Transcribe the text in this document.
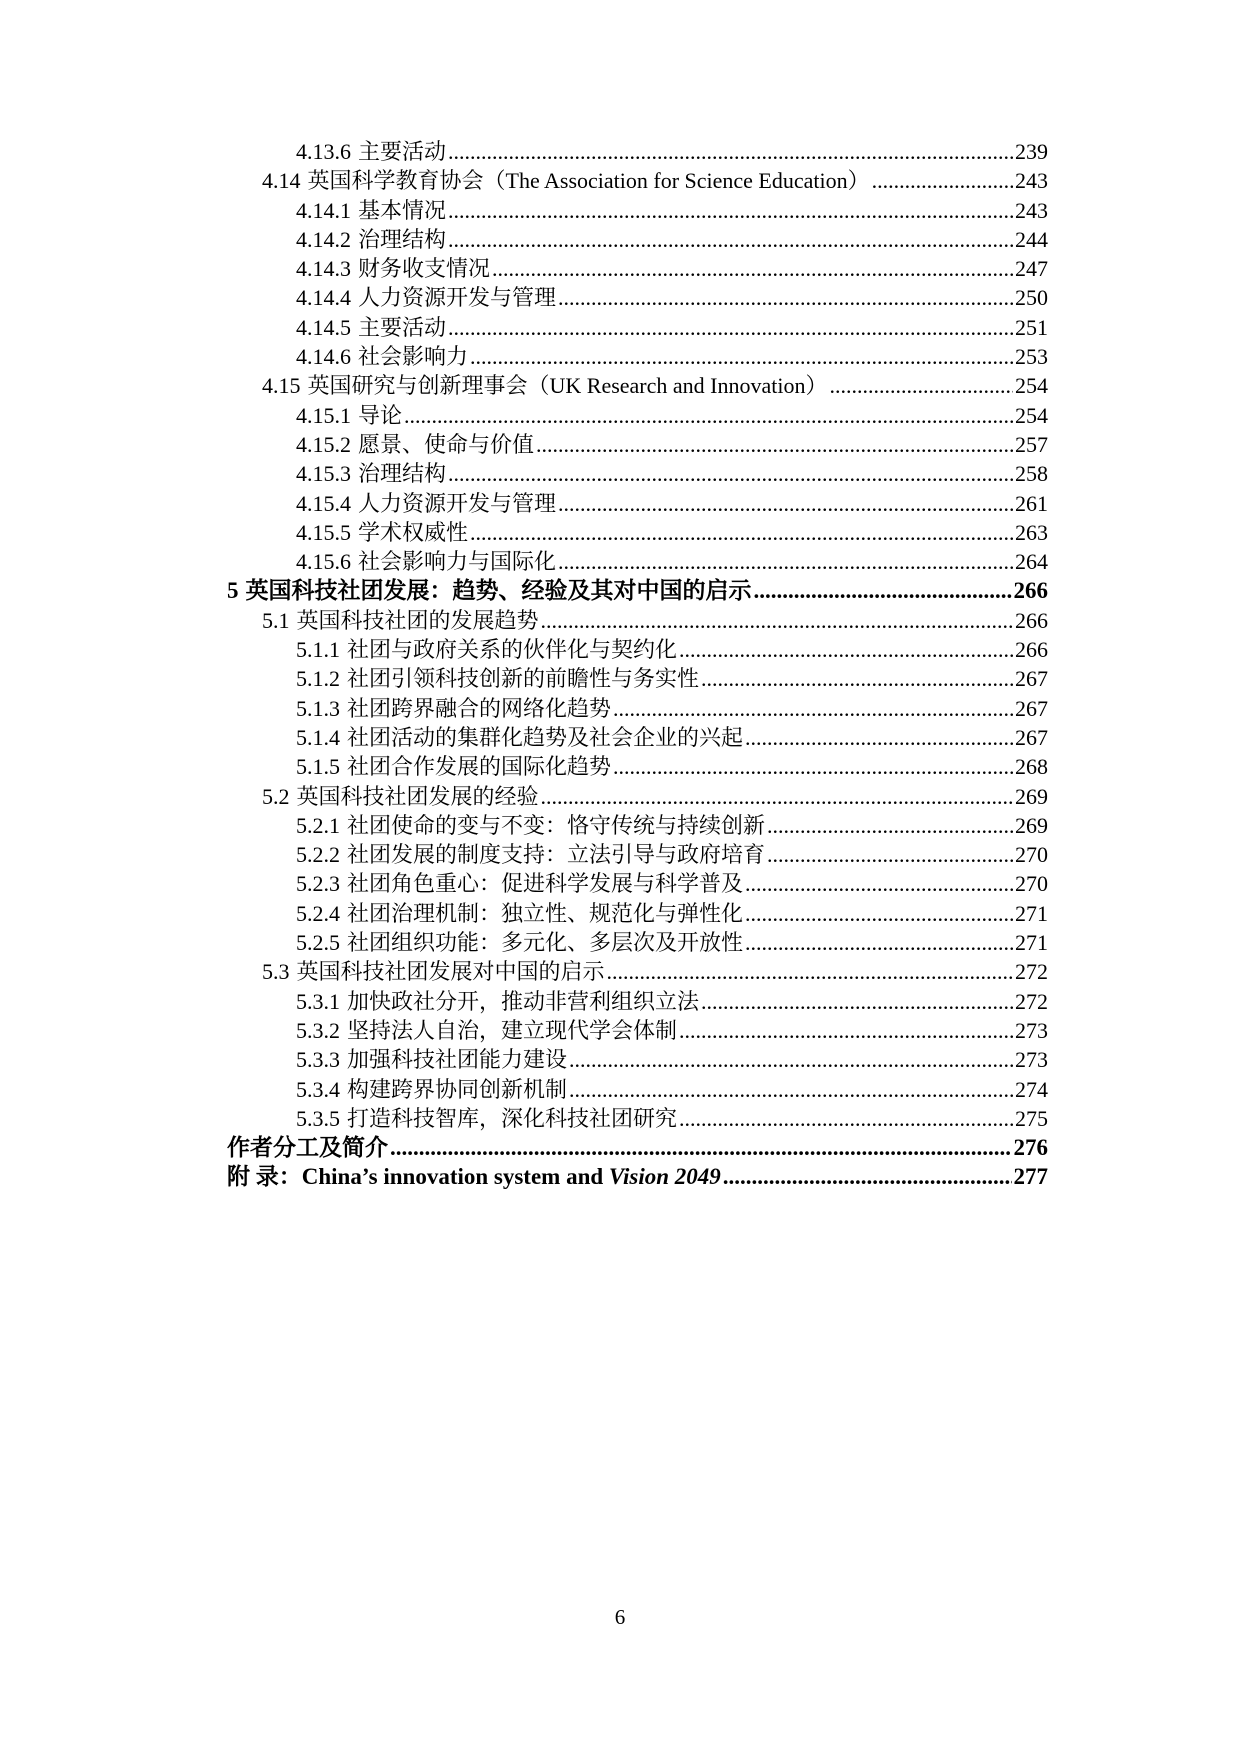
4.13.6 主要活动 .....	239
4.14 英国科学教育协会（The Association for Science Education） .....	243
4.14.1 基本情况 .....	243
4.14.2 治理结构 .....	244
4.14.3 财务收支情况 .....	247
4.14.4 人力资源开发与管理 .....	250
4.14.5 主要活动 .....	251
4.14.6 社会影响力 .....	253
4.15 英国研究与创新理事会（UK Research and Innovation） .....	254
4.15.1 导论 .....	254
4.15.2 愿景、使命与价值 .....	257
4.15.3 治理结构 .....	258
4.15.4 人力资源开发与管理 .....	261
4.15.5 学术权威性 .....	263
4.15.6 社会影响力与国际化 .....	264
5 英国科技社团发展：趋势、经验及其对中国的启示 .....	266
5.1 英国科技社团的发展趋势 .....	266
5.1.1 社团与政府关系的伙伴化与契约化 .....	266
5.1.2 社团引领科技创新的前瞻性与务实性 .....	267
5.1.3 社团跨界融合的网络化趋势 .....	267
5.1.4 社团活动的集群化趋势及社会企业的兴起 .....	267
5.1.5 社团合作发展的国际化趋势 .....	268
5.2 英国科技社团发展的经验 .....	269
5.2.1 社团使命的变与不变：恪守传统与持续创新 .....	269
5.2.2 社团发展的制度支持：立法引导与政府培育 .....	270
5.2.3 社团角色重心：促进科学发展与科学普及 .....	270
5.2.4 社团治理机制：独立性、规范化与弹性化 .....	271
5.2.5 社团组织功能：多元化、多层次及开放性 .....	271
5.3 英国科技社团发展对中国的启示 .....	272
5.3.1 加快政社分开，推动非营利组织立法 .....	272
5.3.2 坚持法人自治，建立现代学会体制 .....	273
5.3.3 加强科技社团能力建设 .....	273
5.3.4 构建跨界协同创新机制 .....	274
5.3.5 打造科技智库，深化科技社团研究 .....	275
作者分工及简介 .....	276
附 录：China’s innovation system and Vision 2049 .....	277
6
